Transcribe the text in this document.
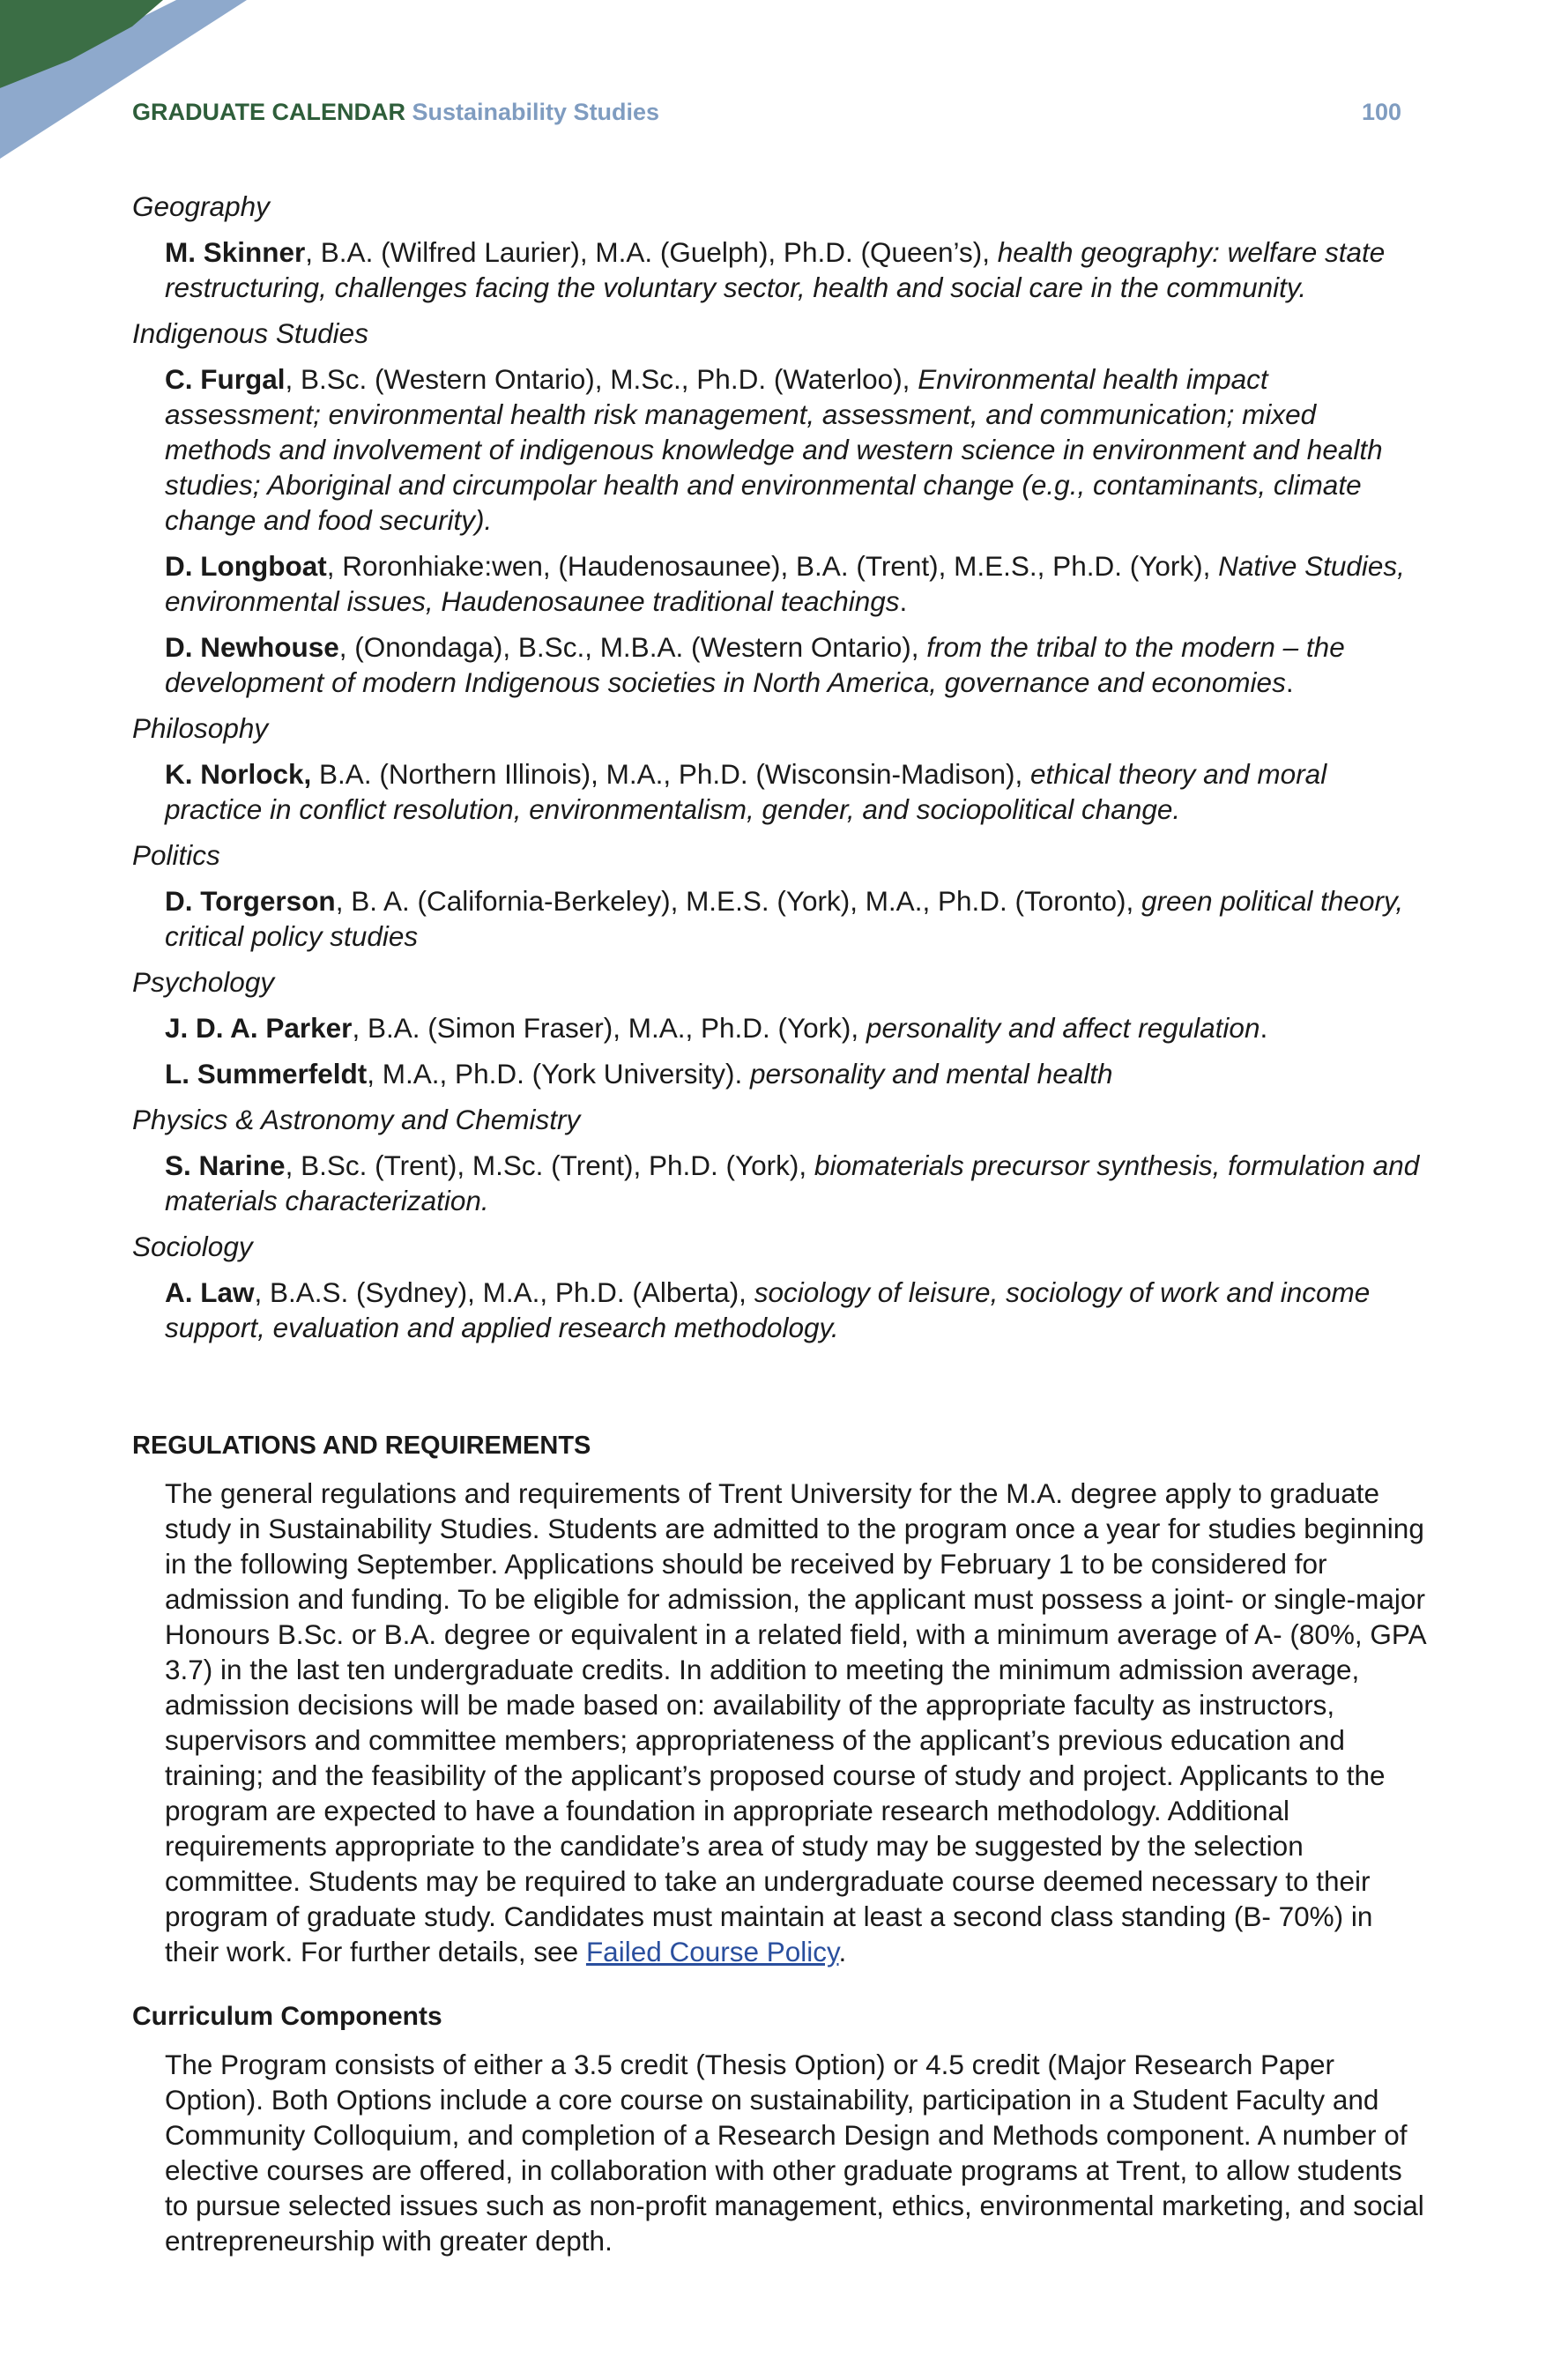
GRADUATE CALENDAR Sustainability Studies	100
Geography
M. Skinner, B.A. (Wilfred Laurier), M.A. (Guelph), Ph.D. (Queen’s), health geography: welfare state restructuring, challenges facing the voluntary sector, health and social care in the community.
Indigenous Studies
C. Furgal, B.Sc. (Western Ontario), M.Sc., Ph.D. (Waterloo), Environmental health impact assessment; environmental health risk management, assessment, and communication; mixed methods and involvement of indigenous knowledge and western science in environment and health studies; Aboriginal and circumpolar health and environmental change (e.g., contaminants, climate change and food security).
D. Longboat, Roronhiake:wen, (Haudenosaunee), B.A. (Trent), M.E.S., Ph.D. (York), Native Studies, environmental issues, Haudenosaunee traditional teachings.
D. Newhouse, (Onondaga), B.Sc., M.B.A. (Western Ontario), from the tribal to the modern – the development of modern Indigenous societies in North America, governance and economies.
Philosophy
K. Norlock, B.A. (Northern Illinois), M.A., Ph.D. (Wisconsin-Madison), ethical theory and moral practice in conflict resolution, environmentalism, gender, and sociopolitical change.
Politics
D. Torgerson, B. A. (California-Berkeley), M.E.S. (York), M.A., Ph.D. (Toronto), green political theory, critical policy studies
Psychology
J. D. A. Parker, B.A. (Simon Fraser), M.A., Ph.D. (York), personality and affect regulation.
L. Summerfeldt, M.A., Ph.D. (York University). personality and mental health
Physics & Astronomy and Chemistry
S. Narine, B.Sc. (Trent), M.Sc. (Trent), Ph.D. (York), biomaterials precursor synthesis, formulation and materials characterization.
Sociology
A. Law, B.A.S. (Sydney), M.A., Ph.D. (Alberta), sociology of leisure, sociology of work and income support, evaluation and applied research methodology.
REGULATIONS AND REQUIREMENTS
The general regulations and requirements of Trent University for the M.A. degree apply to graduate study in Sustainability Studies. Students are admitted to the program once a year for studies beginning in the following September. Applications should be received by February 1 to be considered for admission and funding. To be eligible for admission, the applicant must possess a joint- or single-major Honours B.Sc. or B.A. degree or equivalent in a related field, with a minimum average of A- (80%, GPA 3.7) in the last ten undergraduate credits. In addition to meeting the minimum admission average, admission decisions will be made based on: availability of the appropriate faculty as instructors, supervisors and committee members; appropriateness of the applicant’s previous education and training; and the feasibility of the applicant’s proposed course of study and project. Applicants to the program are expected to have a foundation in appropriate research methodology. Additional requirements appropriate to the candidate’s area of study may be suggested by the selection committee. Students may be required to take an undergraduate course deemed necessary to their program of graduate study. Candidates must maintain at least a second class standing (B- 70%) in their work. For further details, see Failed Course Policy.
Curriculum Components
The Program consists of either a 3.5 credit (Thesis Option) or 4.5 credit (Major Research Paper Option). Both Options include a core course on sustainability, participation in a Student Faculty and Community Colloquium, and completion of a Research Design and Methods component. A number of elective courses are offered, in collaboration with other graduate programs at Trent, to allow students to pursue selected issues such as non-profit management, ethics, environmental marketing, and social entrepreneurship with greater depth.
